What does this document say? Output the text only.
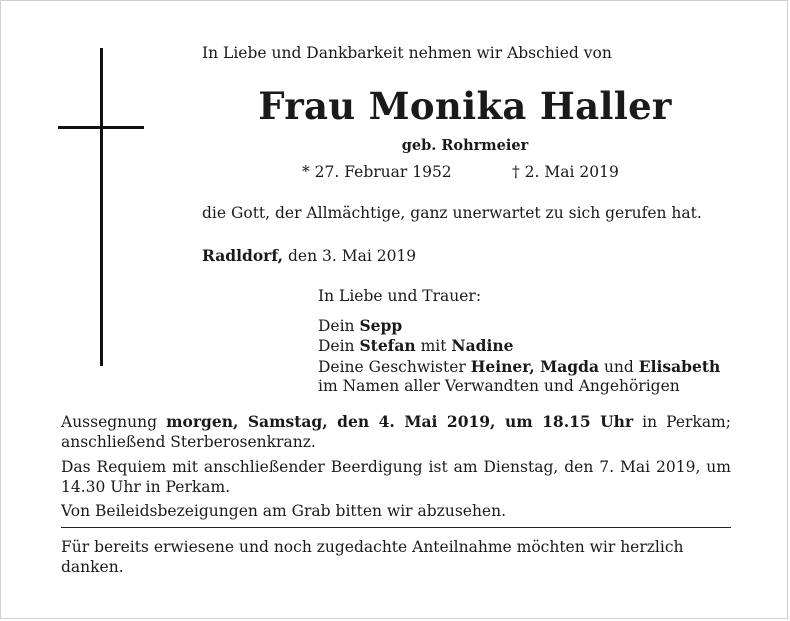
In Liebe und Dankbarkeit nehmen wir Abschied von
Frau Monika Haller
geb. Rohrmeier
* 27. Februar 1952	† 2. Mai 2019
die Gott, der Allmächtige, ganz unerwartet zu sich gerufen hat.
Radldorf, den 3. Mai 2019
In Liebe und Trauer:
Dein Sepp
Dein Stefan mit Nadine
Deine Geschwister Heiner, Magda und Elisabeth
im Namen aller Verwandten und Angehörigen

Aussegnung morgen, Samstag, den 4. Mai 2019, um 18.15 Uhr in Perkam; anschließend Sterberosenkranz.

Das Requiem mit anschließender Beerdigung ist am Dienstag, den 7. Mai 2019, um 14.30 Uhr in Perkam.

Von Beileidsbezeigungen am Grab bitten wir abzusehen.

Für bereits erwiesene und noch zugedachte Anteilnahme möchten wir herzlich danken.
